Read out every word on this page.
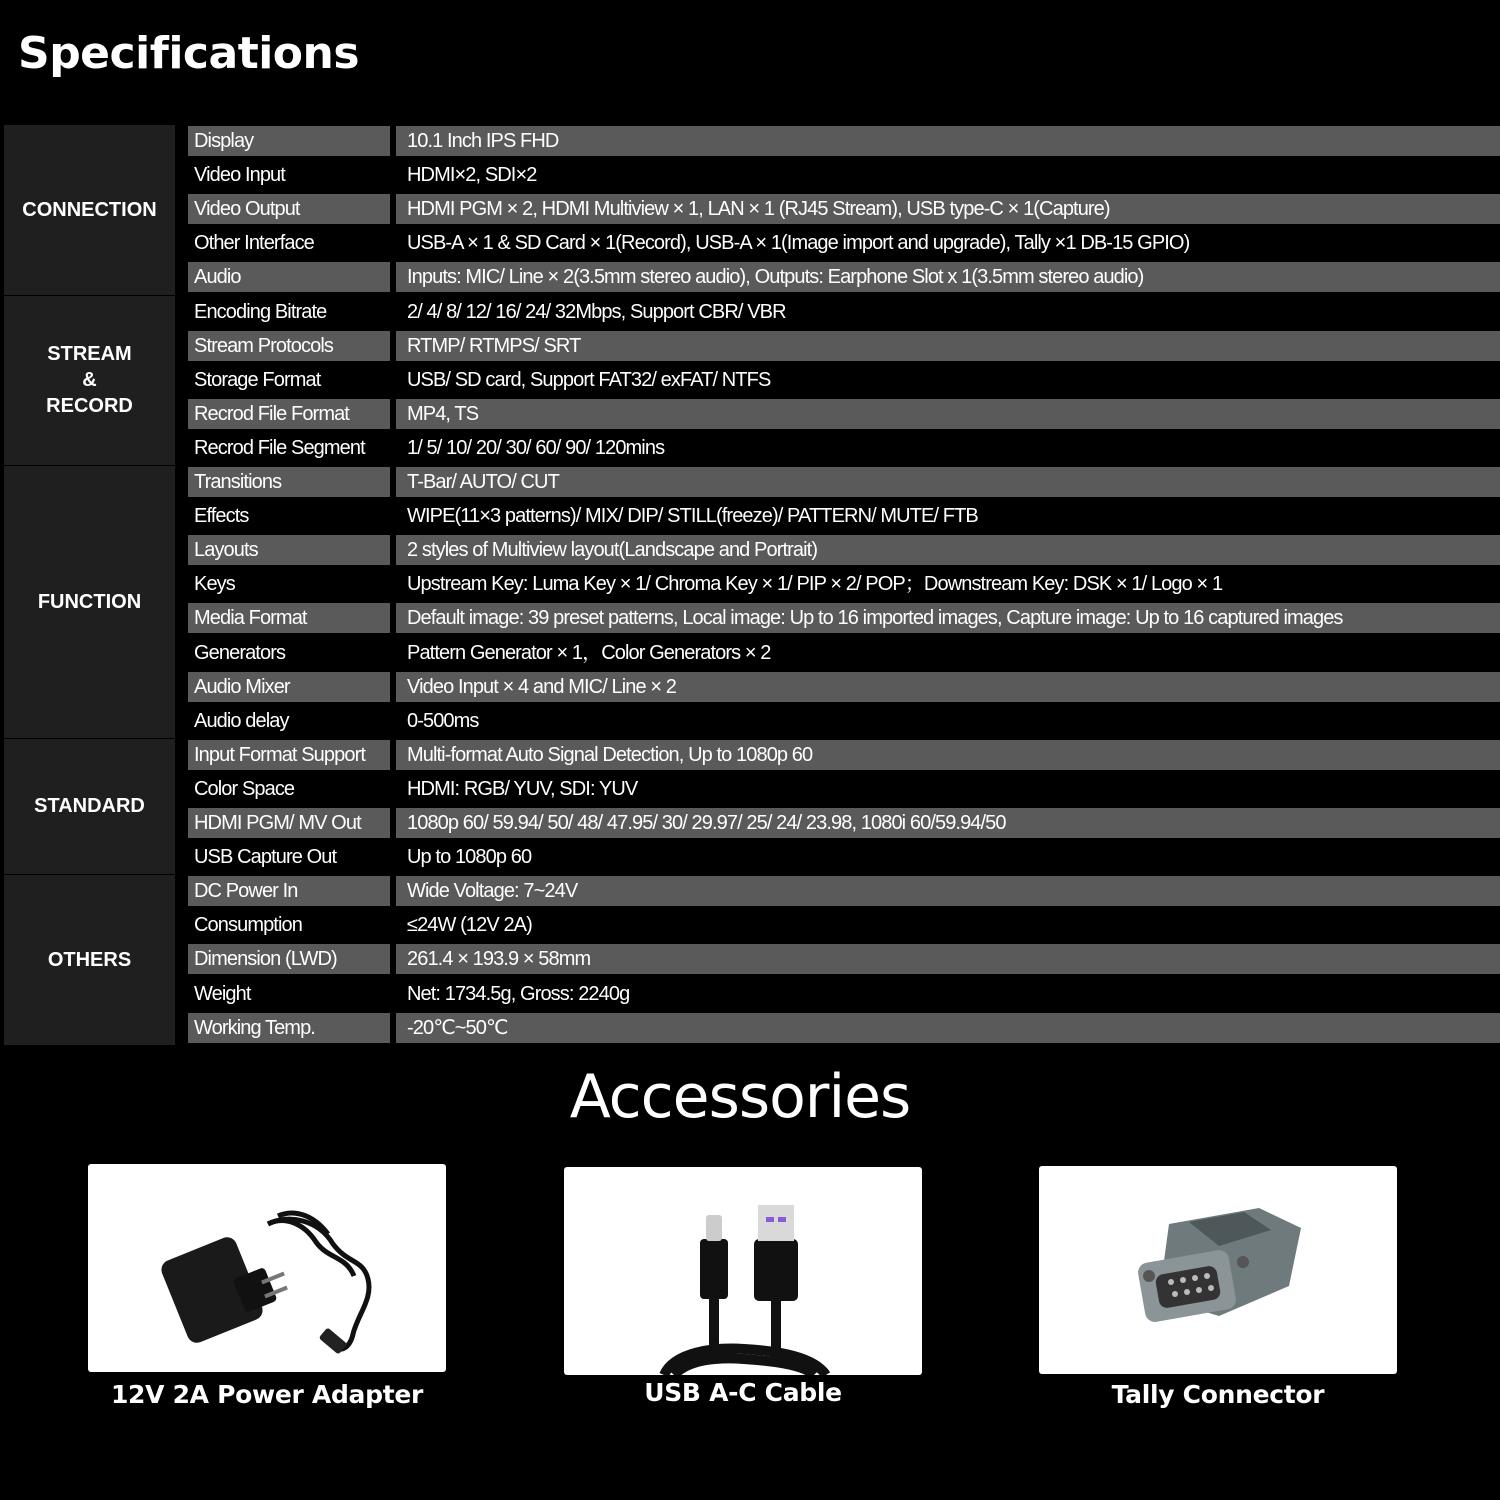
Specifications
CONNECTION
Display	10.1 Inch IPS FHD
Video Input	HDMI×2, SDI×2
Video Output	HDMI PGM × 2, HDMI Multiview × 1, LAN × 1 (RJ45 Stream), USB type-C × 1(Capture)
Other Interface	USB-A × 1 & SD Card × 1(Record), USB-A × 1(Image import and upgrade), Tally ×1 DB-15 GPIO)
Audio	Inputs: MIC/ Line × 2(3.5mm stereo audio), Outputs: Earphone Slot x 1(3.5mm stereo audio)
STREAM
&
RECORD
Encoding Bitrate	2/ 4/ 8/ 12/ 16/ 24/ 32Mbps, Support CBR/ VBR
Stream Protocols	RTMP/ RTMPS/ SRT
Storage Format	USB/ SD card, Support FAT32/ exFAT/ NTFS
Recrod File Format	MP4, TS
Recrod File Segment	1/ 5/ 10/ 20/ 30/ 60/ 90/ 120mins
FUNCTION
Transitions	T-Bar/ AUTO/ CUT
Effects	WIPE(11×3 patterns)/ MIX/ DIP/ STILL(freeze)/ PATTERN/ MUTE/ FTB
Layouts	2 styles of Multiview layout(Landscape and Portrait)
Keys	Upstream Key: Luma Key × 1/ Chroma Key × 1/ PIP × 2/ POP；Downstream Key: DSK × 1/ Logo × 1
Media Format	Default image: 39 preset patterns, Local image: Up to 16 imported images, Capture image: Up to 16 captured images
Generators	Pattern Generator × 1，Color Generators × 2
Audio Mixer	Video Input × 4 and MIC/ Line × 2
Audio delay	0-500ms
STANDARD
Input Format Support	Multi-format Auto Signal Detection, Up to 1080p 60
Color Space	HDMI: RGB/ YUV, SDI: YUV
HDMI PGM/ MV Out	1080p 60/ 59.94/ 50/ 48/ 47.95/ 30/ 29.97/ 25/ 24/ 23.98, 1080i 60/59.94/50
USB Capture Out	Up to 1080p 60
OTHERS
DC Power In	Wide Voltage: 7~24V
Consumption	≤24W (12V 2A)
Dimension (LWD)	261.4 × 193.9 × 58mm
Weight	Net: 1734.5g, Gross: 2240g
Working Temp.	-20℃~50℃
Accessories
12V 2A Power Adapter	USB A-C Cable	Tally Connector
